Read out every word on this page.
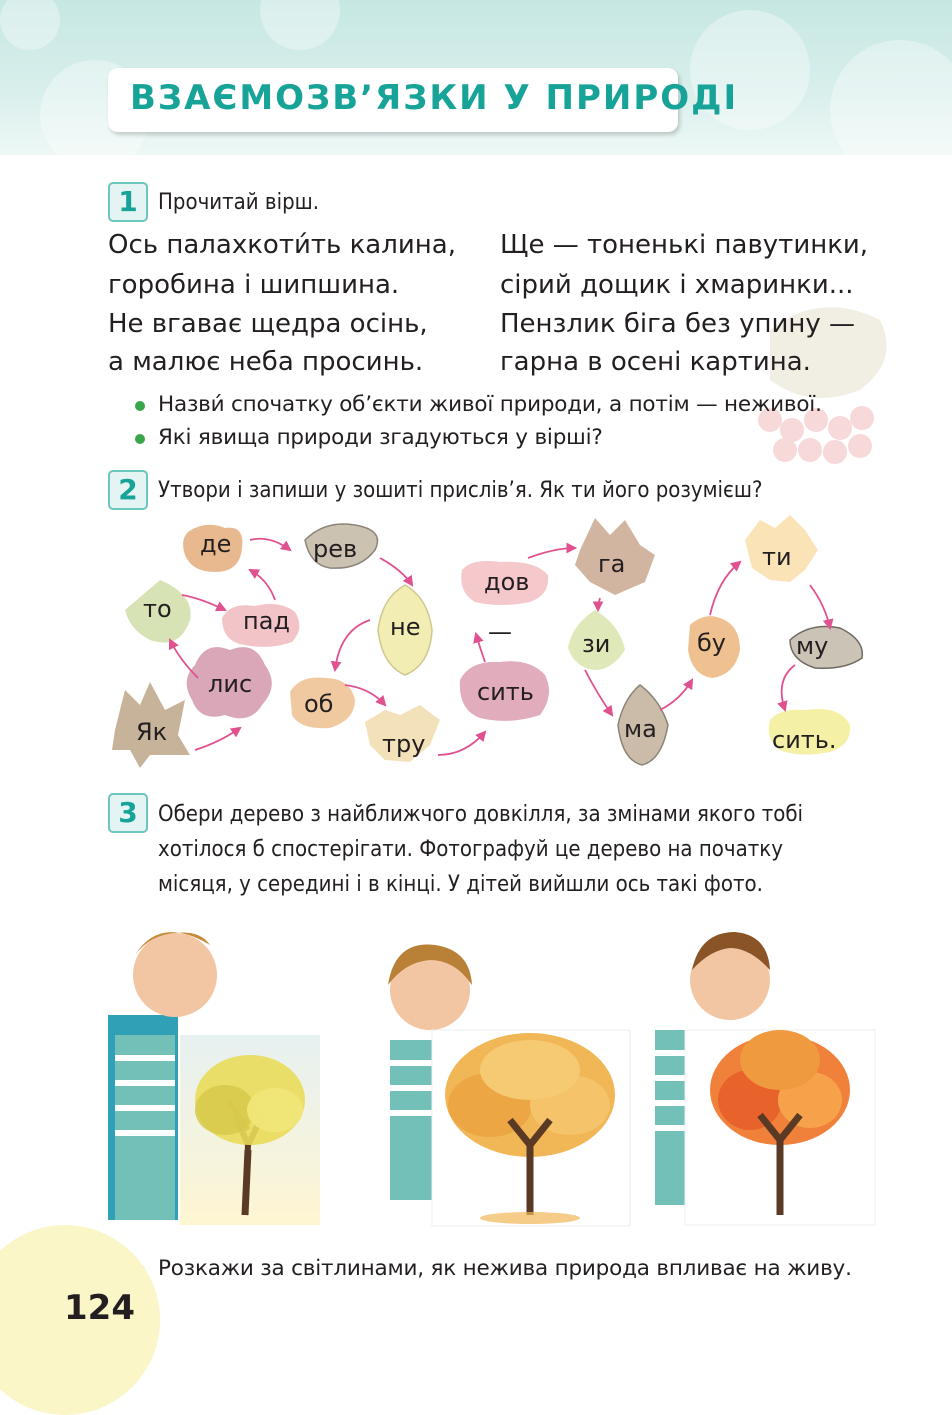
ВЗАЄМОЗВ’ЯЗКИ У ПРИРОДІ
1 Прочитай вірш.
Ось палахкоти́ть калина,
горобина і шипшина.
Не вгаває щедра осінь,
а малює неба просинь.
Ще — тоненькі павутинки,
сірий дощик і хмаринки...
Пензлик біга без упину —
гарна в осені картина.
Назви́ спочатку об’єкти живої природи, а потім — неживої.
Які явища природи згадуються у вірші?
2 Утвори і запиши у зошиті прислів’я. Як ти його розумієш?
Як
лис
то	пад
де	рев
не
об
тру
сить
—
дов
га
зи
ма
бу
ти
му
сить.
3 Обери дерево з найближчого довкілля, за змінами якого тобі
хотілося б спостерігати. Фотографуй це дерево на початку
місяця, у середині і в кінці. У дітей вийшли ось такі фото.
Розкажи за світлинами, як нежива природа впливає на живу.
124
